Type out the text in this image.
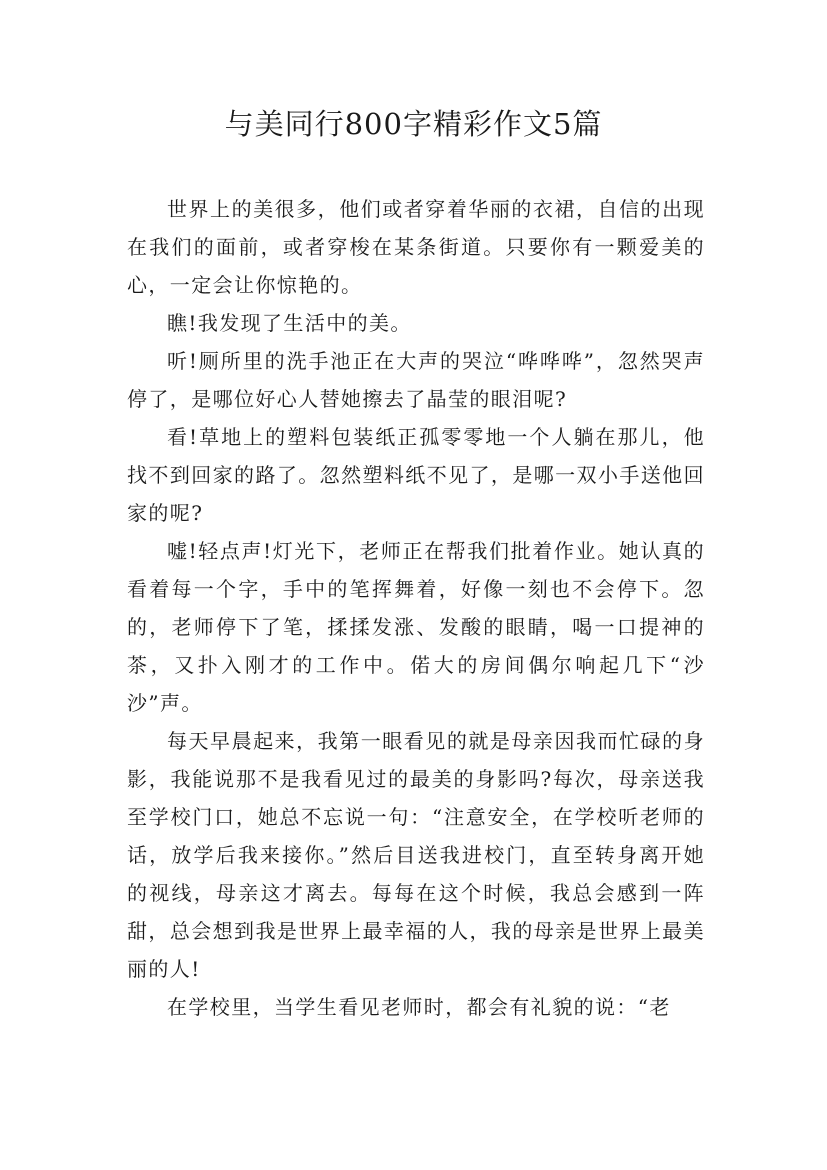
与美同行800字精彩作文5篇

世界上的美很多，他们或者穿着华丽的衣裙，自信的出现在我们的面前，或者穿梭在某条街道。只要你有一颗爱美的心，一定会让你惊艳的。

瞧!我发现了生活中的美。

听!厕所里的洗手池正在大声的哭泣“哗哗哗”，忽然哭声停了，是哪位好心人替她擦去了晶莹的眼泪呢?

看!草地上的塑料包装纸正孤零零地一个人躺在那儿，他找不到回家的路了。忽然塑料纸不见了，是哪一双小手送他回家的呢?

嘘!轻点声!灯光下，老师正在帮我们批着作业。她认真的看着每一个字，手中的笔挥舞着，好像一刻也不会停下。忽的，老师停下了笔，揉揉发涨、发酸的眼睛，喝一口提神的茶，又扑入刚才的工作中。偌大的房间偶尔响起几下“沙沙”声。

每天早晨起来，我第一眼看见的就是母亲因我而忙碌的身影，我能说那不是我看见过的最美的身影吗?每次，母亲送我至学校门口，她总不忘说一句：“注意安全，在学校听老师的话，放学后我来接你。”然后目送我进校门，直至转身离开她的视线，母亲这才离去。每每在这个时候，我总会感到一阵甜，总会想到我是世界上最幸福的人，我的母亲是世界上最美丽的人!

在学校里，当学生看见老师时，都会有礼貌的说：“老
